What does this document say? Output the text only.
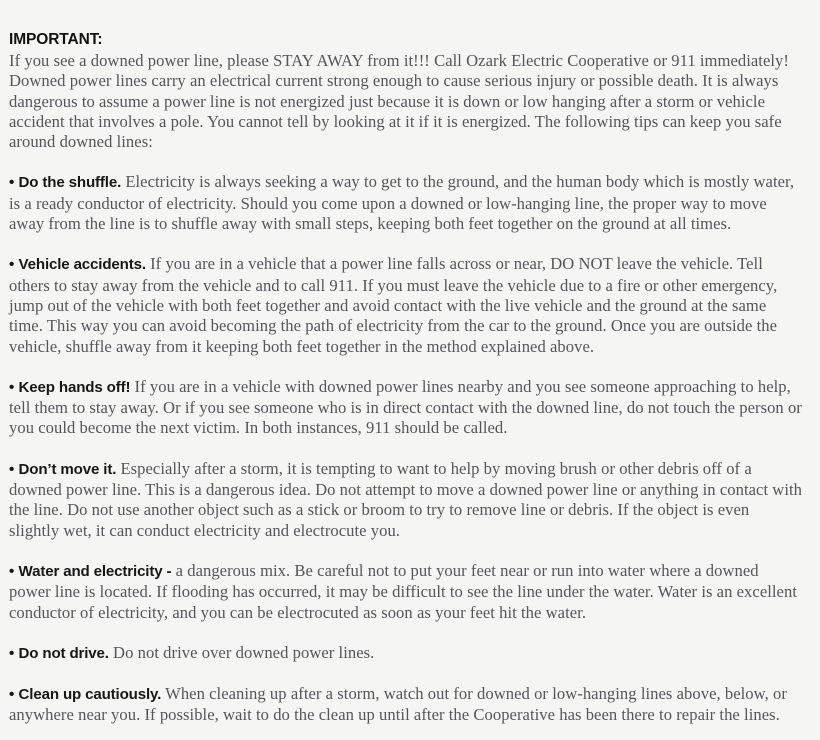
IMPORTANT:

If you see a downed power line, please STAY AWAY from it!!! Call Ozark Electric Cooperative or 911 immediately! Downed power lines carry an electrical current strong enough to cause serious injury or possible death. It is always dangerous to assume a power line is not energized just because it is down or low hanging after a storm or vehicle accident that involves a pole. You cannot tell by looking at it if it is energized. The following tips can keep you safe around downed lines:

• Do the shuffle. Electricity is always seeking a way to get to the ground, and the human body which is mostly water, is a ready conductor of electricity. Should you come upon a downed or low-hanging line, the proper way to move away from the line is to shuffle away with small steps, keeping both feet together on the ground at all times.

• Vehicle accidents. If you are in a vehicle that a power line falls across or near, DO NOT leave the vehicle. Tell others to stay away from the vehicle and to call 911. If you must leave the vehicle due to a fire or other emergency, jump out of the vehicle with both feet together and avoid contact with the live vehicle and the ground at the same time. This way you can avoid becoming the path of electricity from the car to the ground. Once you are outside the vehicle, shuffle away from it keeping both feet together in the method explained above.

• Keep hands off! If you are in a vehicle with downed power lines nearby and you see someone approaching to help, tell them to stay away. Or if you see someone who is in direct contact with the downed line, do not touch the person or you could become the next victim. In both instances, 911 should be called.

• Don’t move it. Especially after a storm, it is tempting to want to help by moving brush or other debris off of a downed power line. This is a dangerous idea. Do not attempt to move a downed power line or anything in contact with the line. Do not use another object such as a stick or broom to try to remove line or debris. If the object is even slightly wet, it can conduct electricity and electrocute you.

• Water and electricity - a dangerous mix. Be careful not to put your feet near or run into water where a downed power line is located. If flooding has occurred, it may be difficult to see the line under the water. Water is an excellent conductor of electricity, and you can be electrocuted as soon as your feet hit the water.

• Do not drive. Do not drive over downed power lines.

• Clean up cautiously. When cleaning up after a storm, watch out for downed or low-hanging lines above, below, or anywhere near you. If possible, wait to do the clean up until after the Cooperative has been there to repair the lines.
